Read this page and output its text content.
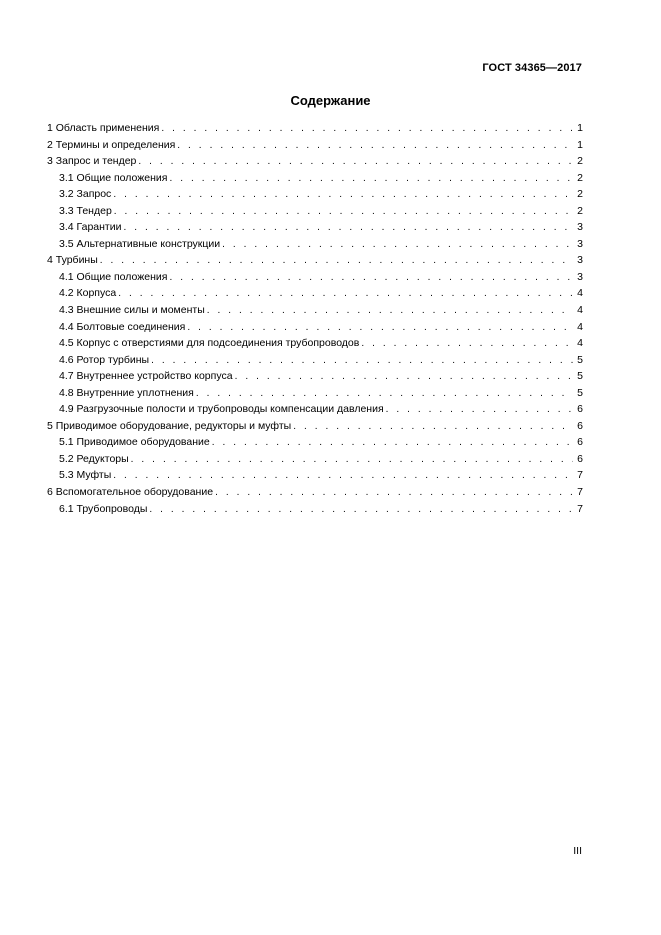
ГОСТ 34365—2017
Содержание
1 Область применения . . .	1
2 Термины и определения . . .	1
3 Запрос и тендер . . .	2
3.1 Общие положения . . .	2
3.2 Запрос . . .	2
3.3 Тендер . . .	2
3.4 Гарантии . . .	3
3.5 Альтернативные конструкции . . .	3
4 Турбины . . .	3
4.1 Общие положения . . .	3
4.2 Корпуса . . .	4
4.3 Внешние силы и моменты . . .	4
4.4 Болтовые соединения . . .	4
4.5 Корпус с отверстиями для подсоединения трубопроводов . . .	4
4.6 Ротор турбины . . .	5
4.7 Внутреннее устройство корпуса . . .	5
4.8 Внутренние уплотнения . . .	5
4.9 Разгрузочные полости и трубопроводы компенсации давления . . .	6
5 Приводимое оборудование, редукторы и муфты . . .	6
5.1 Приводимое оборудование . . .	6
5.2 Редукторы . . .	6
5.3 Муфты . . .	7
6 Вспомогательное оборудование . . .	7
6.1 Трубопроводы . . .	7
III
